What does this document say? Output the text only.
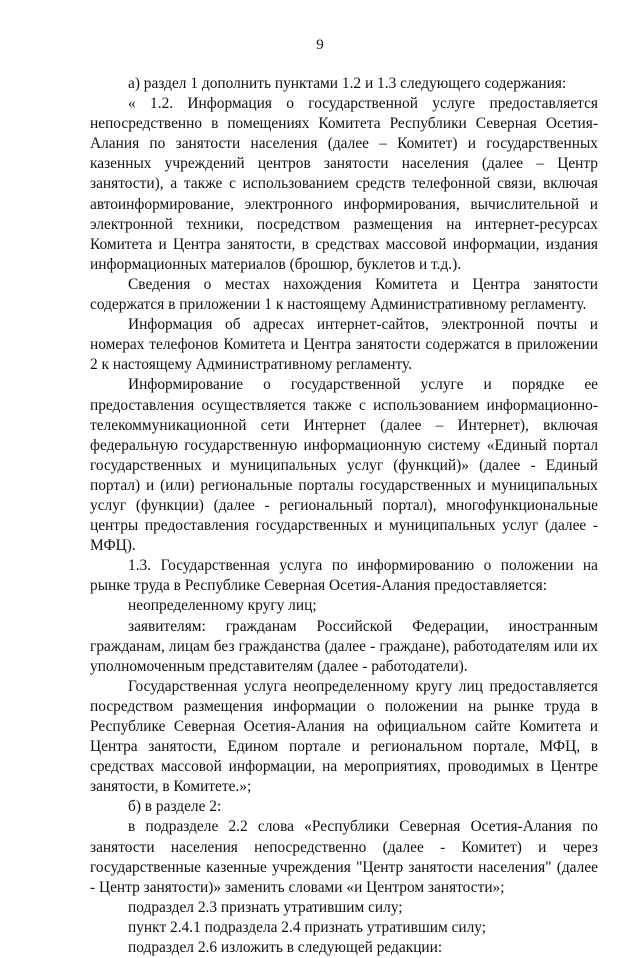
9

а) раздел 1 дополнить пунктами 1.2 и 1.3 следующего содержания:

« 1.2. Информация о государственной услуге предоставляется непосредственно в помещениях Комитета Республики Северная Осетия-Алания по занятости населения (далее – Комитет) и государственных казенных учреждений центров занятости населения (далее – Центр занятости), а также с использованием средств телефонной связи, включая автоинформирование, электронного информирования, вычислительной и электронной техники, посредством размещения на интернет-ресурсах Комитета и Центра занятости, в средствах массовой информации, издания информационных материалов (брошюр, буклетов и т.д.).

Сведения о местах нахождения Комитета и Центра занятости содержатся в приложении 1 к настоящему Административному регламенту.

Информация об адресах интернет-сайтов, электронной почты и номерах телефонов Комитета и Центра занятости содержатся в приложении 2 к настоящему Административному регламенту.

Информирование о государственной услуге и порядке ее предоставления осуществляется также с использованием информационно-телекоммуникационной сети Интернет (далее – Интернет), включая федеральную государственную информационную систему «Единый портал государственных и муниципальных услуг (функций)» (далее - Единый портал) и (или) региональные порталы государственных и муниципальных услуг (функции) (далее - региональный портал), многофункциональные центры предоставления государственных и муниципальных услуг (далее - МФЦ).

1.3. Государственная услуга по информированию о положении на рынке труда в Республике Северная Осетия-Алания предоставляется:

неопределенному кругу лиц;

заявителям: гражданам Российской Федерации, иностранным гражданам, лицам без гражданства (далее - граждане), работодателям или их уполномоченным представителям (далее - работодатели).

Государственная услуга неопределенному кругу лиц предоставляется посредством размещения информации о положении на рынке труда в Республике Северная Осетия-Алания на официальном сайте Комитета и Центра занятости, Едином портале и региональном портале, МФЦ, в средствах массовой информации, на мероприятиях, проводимых в Центре занятости, в Комитете.»;

б) в разделе 2:

в подразделе 2.2 слова «Республики Северная Осетия-Алания по занятости населения непосредственно (далее - Комитет) и через государственные казенные учреждения "Центр занятости населения" (далее - Центр занятости)» заменить словами «и Центром занятости»;

подраздел 2.3 признать утратившим силу;

пункт 2.4.1 подраздела 2.4 признать утратившим силу;

подраздел 2.6 изложить в следующей редакции:
